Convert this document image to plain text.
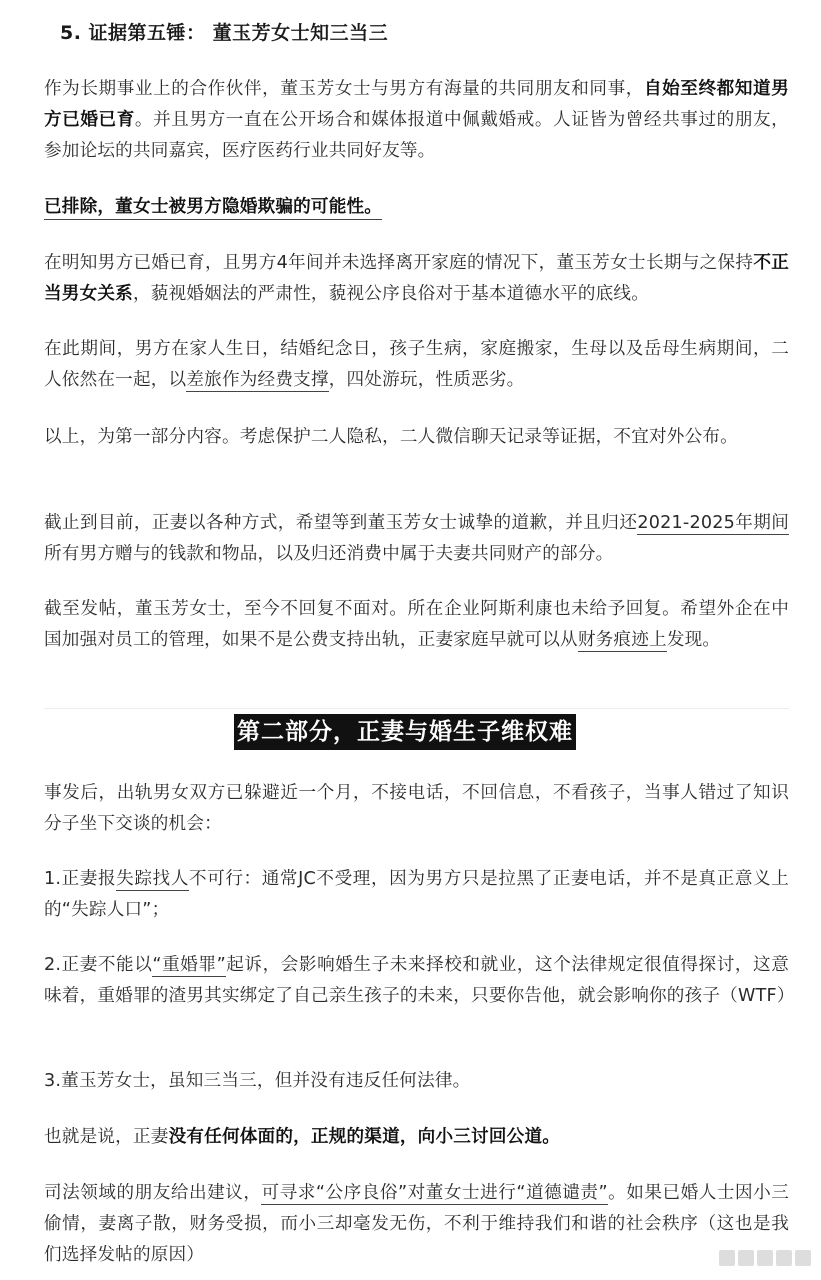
5. 证据第五锤： 董玉芳女士知三当三

作为长期事业上的合作伙伴，董玉芳女士与男方有海量的共同朋友和同事，自始至终都知道男方已婚已育。并且男方一直在公开场合和媒体报道中佩戴婚戒。人证皆为曾经共事过的朋友，参加论坛的共同嘉宾，医疗医药行业共同好友等。

已排除，董女士被男方隐婚欺骗的可能性。

在明知男方已婚已育，且男方4年间并未选择离开家庭的情况下，董玉芳女士长期与之保持不正当男女关系，藐视婚姻法的严肃性，藐视公序良俗对于基本道德水平的底线。

在此期间，男方在家人生日，结婚纪念日，孩子生病，家庭搬家，生母以及岳母生病期间，二人依然在一起，以差旅作为经费支撑，四处游玩，性质恶劣。

以上，为第一部分内容。考虑保护二人隐私，二人微信聊天记录等证据，不宜对外公布。

截止到目前，正妻以各种方式，希望等到董玉芳女士诚挚的道歉，并且归还2021-2025年期间所有男方赠与的钱款和物品，以及归还消费中属于夫妻共同财产的部分。

截至发帖，董玉芳女士，至今不回复不面对。所在企业阿斯利康也未给予回复。希望外企在中国加强对员工的管理，如果不是公费支持出轨，正妻家庭早就可以从财务痕迹上发现。

第二部分，正妻与婚生子维权难

事发后，出轨男女双方已躲避近一个月，不接电话，不回信息，不看孩子，当事人错过了知识分子坐下交谈的机会：

1.正妻报失踪找人不可行：通常JC不受理，因为男方只是拉黑了正妻电话，并不是真正意义上的“失踪人口”；

2.正妻不能以“重婚罪”起诉，会影响婚生子未来择校和就业，这个法律规定很值得探讨，这意味着，重婚罪的渣男其实绑定了自己亲生孩子的未来，只要你告他，就会影响你的孩子（WTF）

3.董玉芳女士，虽知三当三，但并没有违反任何法律。

也就是说，正妻没有任何体面的，正规的渠道，向小三讨回公道。

司法领域的朋友给出建议，可寻求“公序良俗”对董女士进行“道德谴责”。如果已婚人士因小三偷情，妻离子散，财务受损，而小三却毫发无伤，不利于维持我们和谐的社会秩序（这也是我们选择发帖的原因）
